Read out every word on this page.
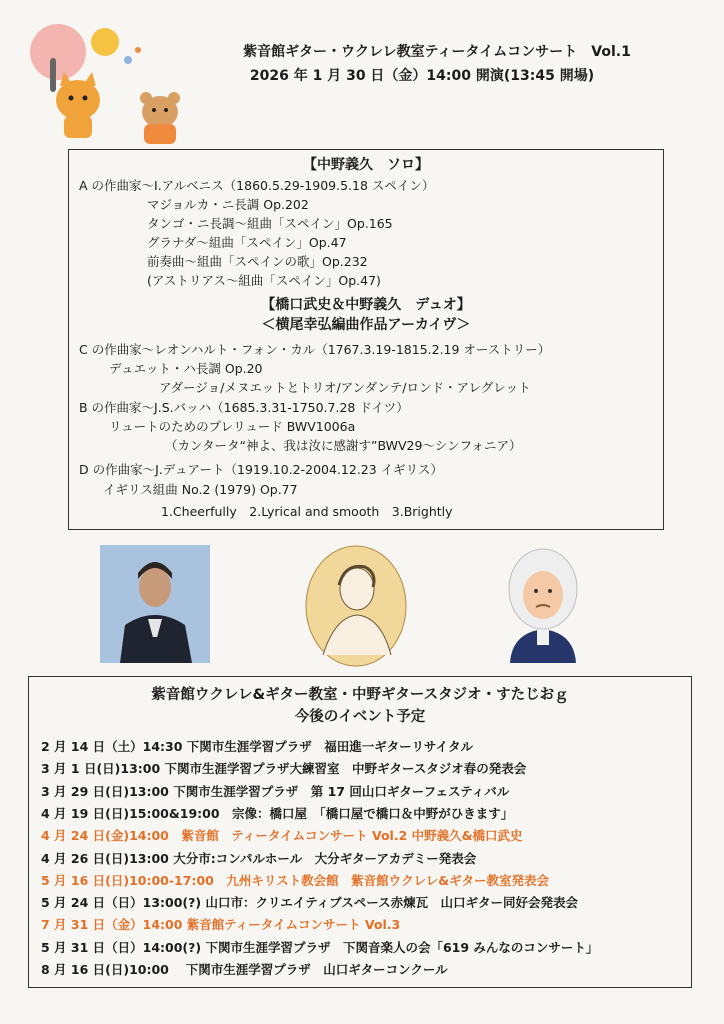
紫音館ギター・ウクレレ教室ティータイムコンサート　Vol.1
2026 年 1 月 30 日（金）14:00 開演(13:45 開場)
【中野義久　ソロ】
A の作曲家～I.アルベニス（1860.5.29-1909.5.18 スペイン）
マジョルカ・ニ長調 Op.202
タンゴ・ニ長調～組曲「スペイン」Op.165
グラナダ～組曲「スペイン」Op.47
前奏曲～組曲「スペインの歌」Op.232
(アストリアス～組曲「スペイン」Op.47)
【橋口武史＆中野義久　デュオ】
＜横尾幸弘編曲作品アーカイヴ＞
C の作曲家～レオンハルト・フォン・カル（1767.3.19-1815.2.19 オーストリー）
デュエット・ハ長調 Op.20
アダージョ/メヌエットとトリオ/アンダンテ/ロンド・アレグレット
B の作曲家～J.S.バッハ（1685.3.31-1750.7.28 ドイツ）
リュートのためのプレリュード BWV1006a
（カンタータ“神よ、我は汝に感謝す”BWV29～シンフォニア）
D の作曲家～J.デュアート（1919.10.2-2004.12.23 イギリス）
イギリス組曲 No.2 (1979) Op.77
1.Cheerfully　2.Lyrical and smooth　3.Brightly
紫音館ウクレレ&ギター教室・中野ギタースタジオ・すたじおｇ
今後のイベント予定
2 月 14 日（土）14:30 下関市生涯学習プラザ　福田進一ギターリサイタル
3 月 1 日(日)13:00 下関市生涯学習プラザ大練習室　中野ギタースタジオ春の発表会
3 月 29 日(日)13:00 下関市生涯学習プラザ　第 17 回山口ギターフェスティバル
4 月 19 日(日)15:00&19:00　宗像：橋口屋　「橋口屋で橋口＆中野がひきます」
4 月 24 日(金)14:00　紫音館　ティータイムコンサート Vol.2 中野義久&橋口武史
4 月 26 日(日)13:00 大分市:コンパルホール　大分ギターアカデミー発表会
5 月 16 日(日)10:00-17:00　九州キリスト教会館　紫音館ウクレレ&ギター教室発表会
5 月 24 日（日）13:00(?) 山口市：クリエイティブスペース赤煉瓦　山口ギター同好会発表会
7 月 31 日（金）14:00 紫音館ティータイムコンサート Vol.3
5 月 31 日（日）14:00(?) 下関市生涯学習プラザ　下関音楽人の会「619 みんなのコンサート」
8 月 16 日(日)10:00　 下関市生涯学習プラザ　山口ギターコンクール
